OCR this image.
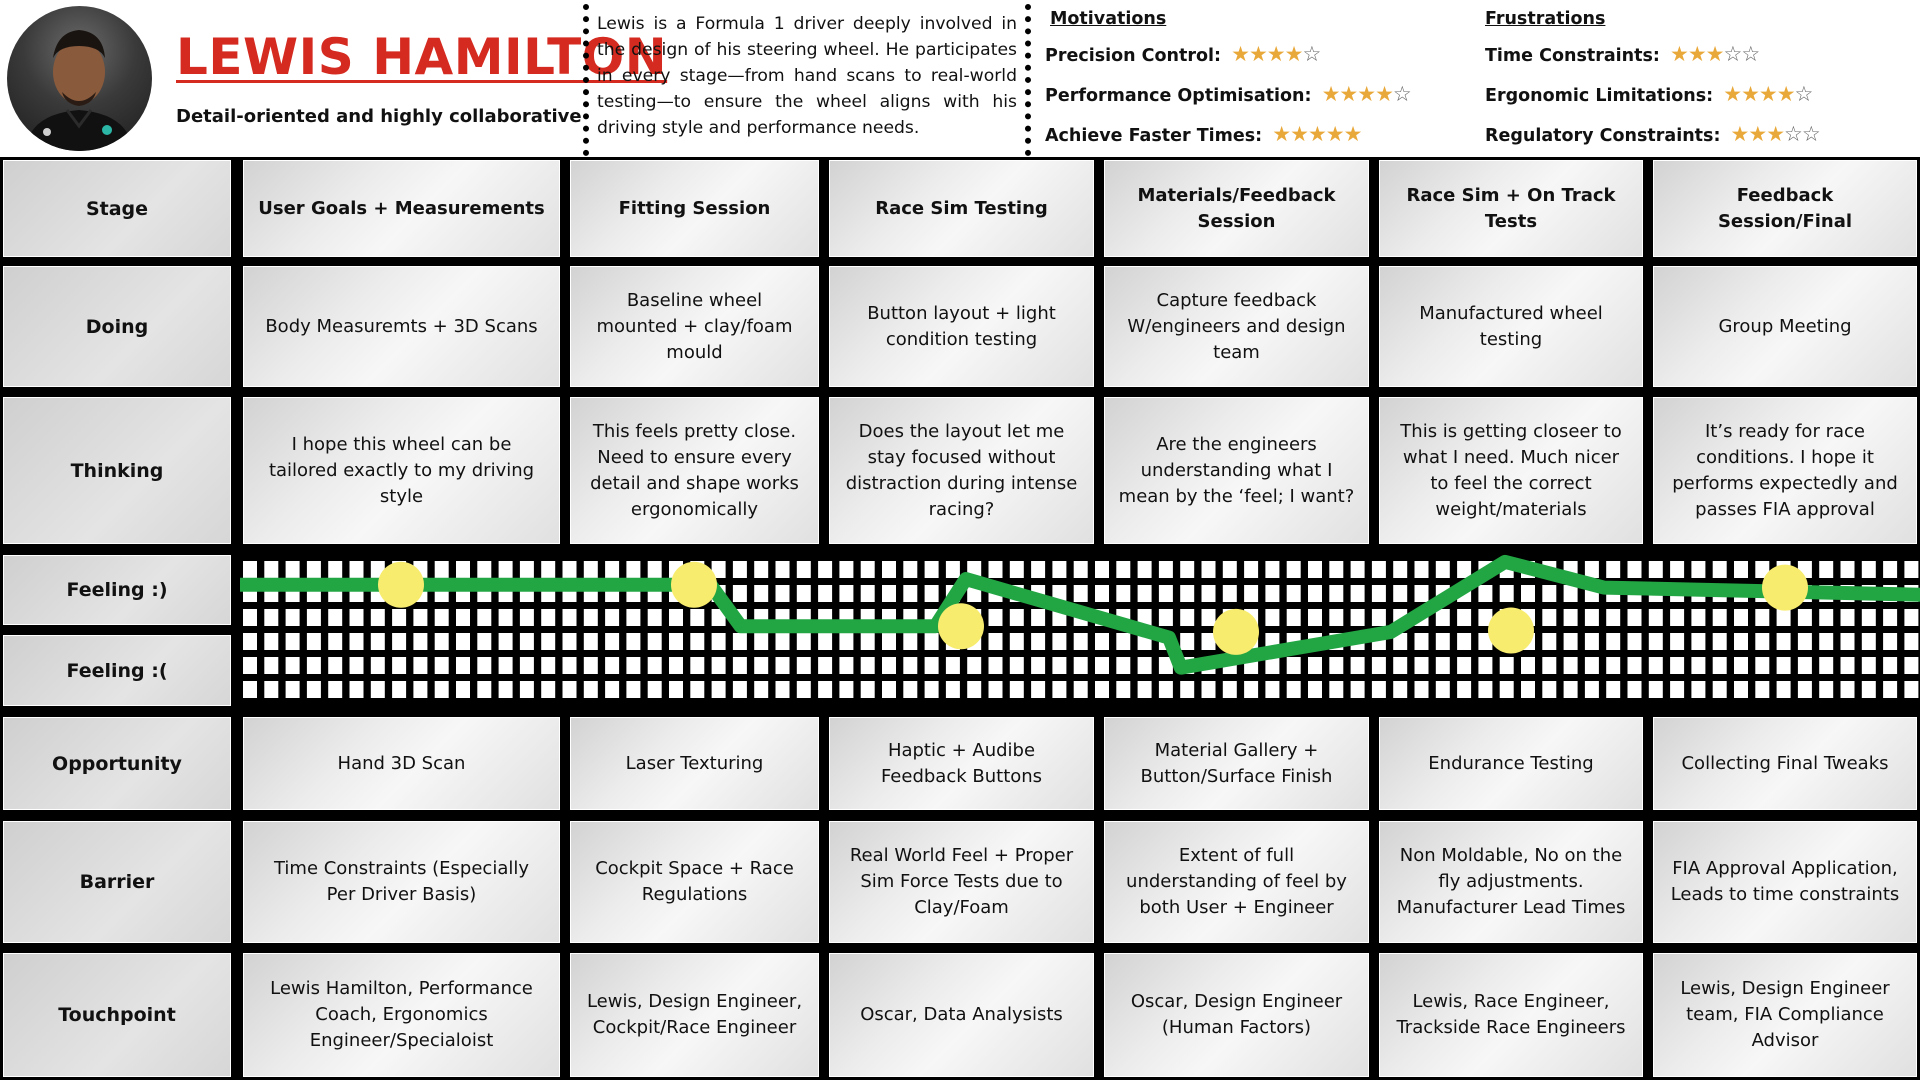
LEWIS HAMILTON
Detail-oriented and highly collaborative
Lewis is a Formula 1 driver deeply involved in the design of his steering wheel. He participates in every stage—from hand scans to real-world testing—to ensure the wheel aligns with his driving style and performance needs.
Motivations
Precision Control: ★★★★☆
Performance Optimisation: ★★★★☆
Achieve Faster Times: ★★★★★
Frustrations
Time Constraints: ★★★☆☆
Ergonomic Limitations: ★★★★☆
Regulatory Constraints: ★★★☆☆
Stage
Doing
Thinking
Feeling :)
Feeling :(
Opportunity
Barrier
Touchpoint
User Goals + Measurements
Body Measuremts + 3D Scans
I hope this wheel can be tailored exactly to my driving style
Hand 3D Scan
Time Constraints (Especially Per Driver Basis)
Lewis Hamilton, Performance Coach, Ergonomics Engineer/Specialoist
Fitting Session
Baseline wheel mounted + clay/foam mould
This feels pretty close. Need to ensure every detail and shape works ergonomically
Laser Texturing
Cockpit Space + Race Regulations
Lewis, Design Engineer, Cockpit/Race Engineer
Race Sim Testing
Button layout + light condition testing
Does the layout let me stay focused without distraction during intense racing?
Haptic + Audibe Feedback Buttons
Real World Feel + Proper Sim Force Tests due to Clay/Foam
Oscar, Data Analysists
Materials/Feedback Session
Capture feedback W/engineers and design team
Are the engineers understanding what I mean by the ‘feel; I want?
Material Gallery + Button/Surface Finish
Extent of full understanding of feel by both User + Engineer
Oscar, Design Engineer (Human Factors)
Race Sim + On Track Tests
Manufactured wheel testing
This is getting closeer to what I need. Much nicer to feel the correct weight/materials
Endurance Testing
Non Moldable, No on the fly adjustments. Manufacturer Lead Times
Lewis, Race Engineer, Trackside Race Engineers
Feedback Session/Final
Group Meeting
It’s ready for race conditions. I hope it performs expectedly and passes FIA approval
Collecting Final Tweaks
FIA Approval Application, Leads to time constraints
Lewis, Design Engineer team, FIA Compliance Advisor
